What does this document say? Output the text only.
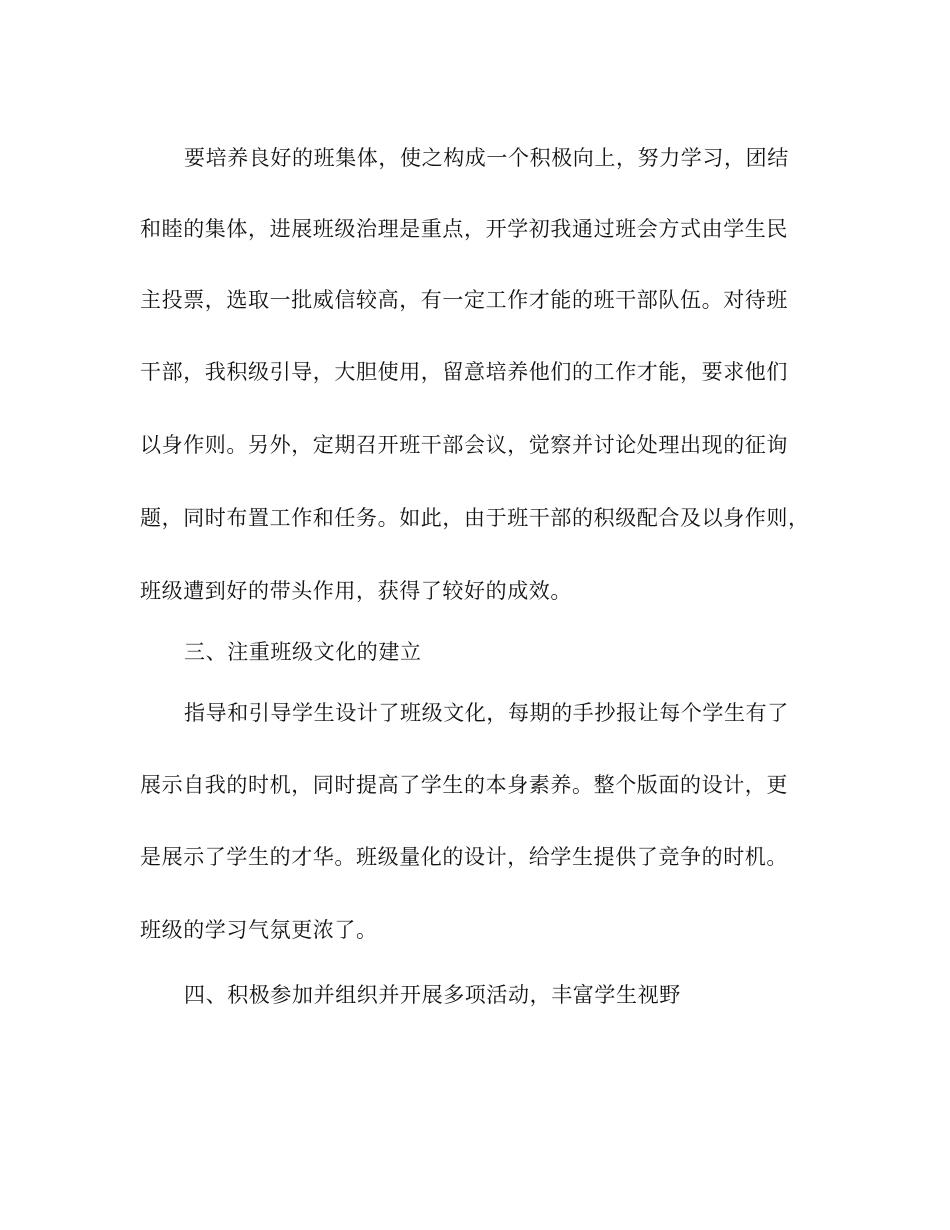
要培养良好的班集体，使之构成一个积极向上，努力学习，团结
和睦的集体，进展班级治理是重点，开学初我通过班会方式由学生民
主投票，选取一批威信较高，有一定工作才能的班干部队伍。对待班
干部，我积级引导，大胆使用，留意培养他们的工作才能，要求他们
以身作则。另外，定期召开班干部会议，觉察并讨论处理出现的征询
题，同时布置工作和任务。如此，由于班干部的积级配合及以身作则，
班级遭到好的带头作用，获得了较好的成效。
三、注重班级文化的建立
指导和引导学生设计了班级文化，每期的手抄报让每个学生有了
展示自我的时机，同时提高了学生的本身素养。整个版面的设计，更
是展示了学生的才华。班级量化的设计，给学生提供了竞争的时机。
班级的学习气氛更浓了。
四、积极参加并组织并开展多项活动，丰富学生视野
